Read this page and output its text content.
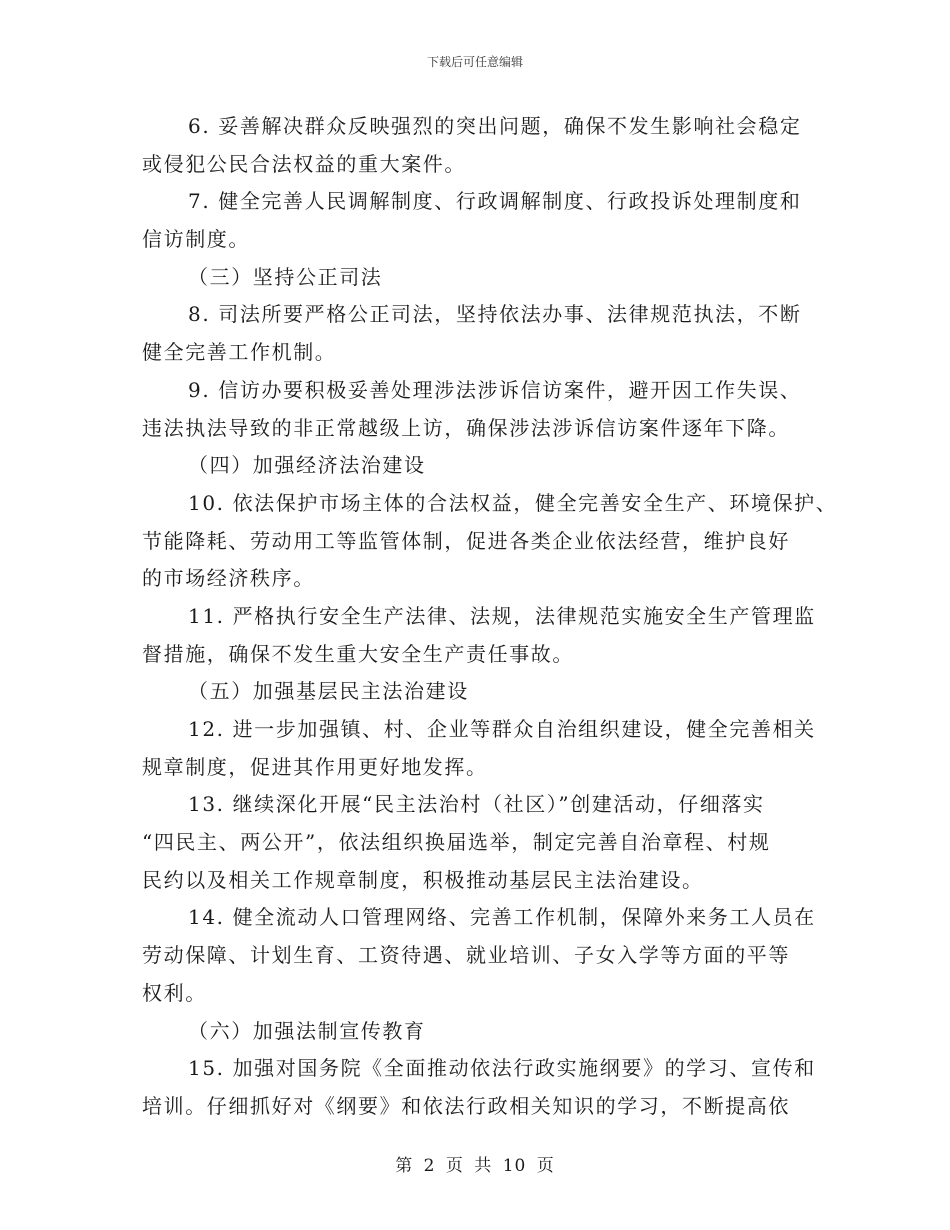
下载后可任意编辑
6. 妥善解决群众反映强烈的突出问题，确保不发生影响社会稳定
或侵犯公民合法权益的重大案件。
7. 健全完善人民调解制度、行政调解制度、行政投诉处理制度和
信访制度。
（三）坚持公正司法
8. 司法所要严格公正司法，坚持依法办事、法律规范执法，不断
健全完善工作机制。
9. 信访办要积极妥善处理涉法涉诉信访案件，避开因工作失误、
违法执法导致的非正常越级上访，确保涉法涉诉信访案件逐年下降。
（四）加强经济法治建设
10. 依法保护市场主体的合法权益，健全完善安全生产、环境保护、
节能降耗、劳动用工等监管体制，促进各类企业依法经营，维护良好
的市场经济秩序。
11. 严格执行安全生产法律、法规，法律规范实施安全生产管理监
督措施，确保不发生重大安全生产责任事故。
（五）加强基层民主法治建设
12. 进一步加强镇、村、企业等群众自治组织建设，健全完善相关
规章制度，促进其作用更好地发挥。
13. 继续深化开展“民主法治村（社区）”创建活动，仔细落实
“四民主、两公开”，依法组织换届选举，制定完善自治章程、村规
民约以及相关工作规章制度，积极推动基层民主法治建设。
14. 健全流动人口管理网络、完善工作机制，保障外来务工人员在
劳动保障、计划生育、工资待遇、就业培训、子女入学等方面的平等
权利。
（六）加强法制宣传教育
15. 加强对国务院《全面推动依法行政实施纲要》的学习、宣传和
培训。仔细抓好对《纲要》和依法行政相关知识的学习，不断提高依
第 2 页 共 10 页
